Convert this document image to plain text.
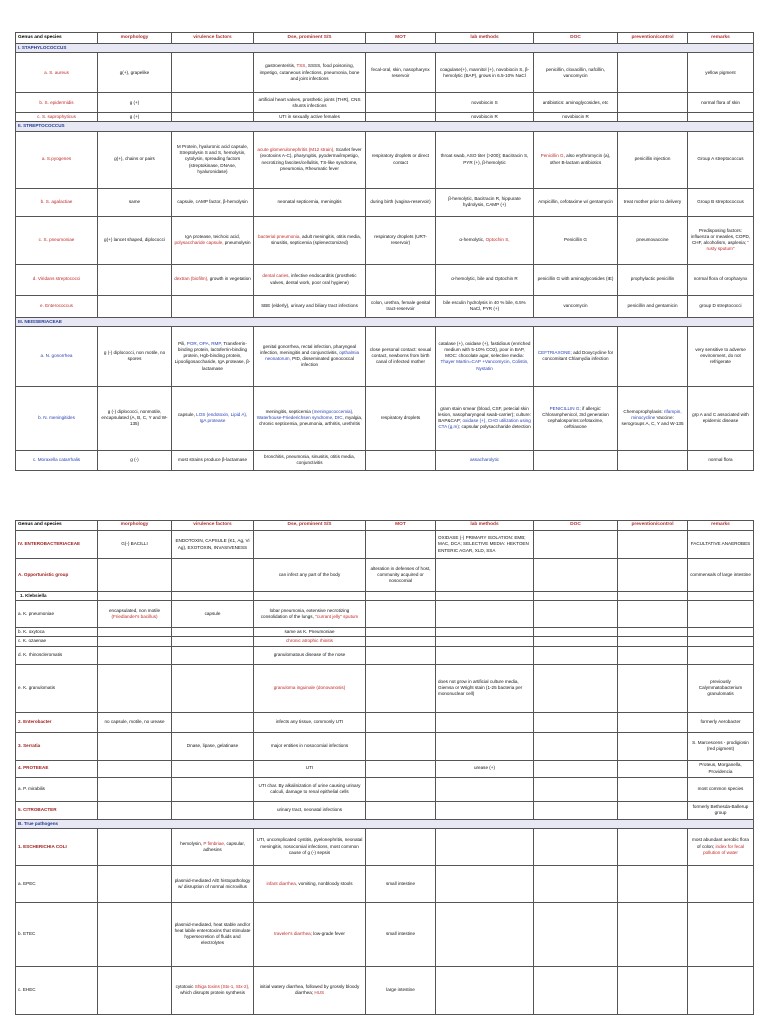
Genus and species	morphology	virulence factors	Dse, prominent S/S	MOT	lab methods	DOC	prevention/control	remarks
I. STAPHYLOCOCCUS								
a. S. aureus	g(+), grapelike		gastroenteritis, TSS, SSSS, food poisoning, impetigo, cutaneous infections, pneumonia, bone and joint infections	fecal-oral, skin, nasopharynx reservoir	coagulase(+), mannitol (+), novobiocin S, β-hemolytic (BAP), grows in 6.5-10% NaCl	penicillin, cloxacillin, nafcillin, vancomycin		yellow pigment
b. S. epidermidis	g (+)		artificial heart valves, prosthetic joints (THR), CNS shunts infections		novobiocin S	antibiotics: aminoglycosides, etc		normal flora of skin
c. S. saprophyticus	g (+)		UTI in sexually active females		novobiocin R	novobiocin R		
II. STREPTOCOCCUS								
a. S.pyogenes	g(+), chains or pairs	M Protein, hyaluronic acid capsule, Streptolysin S and S, hemolysin, cytolysin, spreading factors (streptokinase, DNAse, hyaluronidase)	acute glomerulonephritis (M12 strain), Scarlet fever (exotoxins A-C), pharyngitis, pyoderma/impetigo, necrotizing fascites/cellulitis, TS-like syndrome, pneumonia, Rheumatic fever	respiratory droplets or direct contact	throat swab, ASO titer (>200); Bacitracin S, PYR (+), β-hemolytic	Penicillin G, also erythromycin (a), other B-lactam antibiotics	penicillin injection	Group A streptococcus
b. S. agalactiae	same	capsule, cAMP factor, β-hemolysin	neonatal septicemia, meningitis	during birth (vagina-reservoir)	β-hemolytic, Bacitracin R, hippurate hydrolysis, CAMP (+)	Ampicillin, cefotaxime w/ gentamycin	treat mother prior to delivery	Group B streptococcus
c. S. pneumoniae	g(+) lancet shaped, diplococci	IgA protease, teichoic acid, polysaccharide capsule, pneumolysin	bacterial pneumonia, adult meningitis, otitis media, sinusitis, septicemia (splenectomized)	respiratory droplets (URT-reservoir)	α-hemolytic, Optochin S,	Penicillin G	pneumovaccine	Predisposing factors: influenza or measles, COPD, CHF, alcoholism, asplenia; " rusty sputum"
d. Viridans streptococci		dextran (biofilm), growth in vegetation	dental caries, infective endocarditis (prosthetic valves, dental work, poor oral hygiene)		α-hemolytic, bile and Optochin R	penicillin G with aminoglycosides (IE)	prophylactic penicillin	normal flora of oropharynx
e. Enterococcus			SBE (elderly), urinary and biliary tract infections	colon, urethra, female genital tract-reservoir	bile esculin hydrolysis in 40 % bile, 6.5% NaCl, PYR (+)	vancomycin	penicillin and gentamicin	group D streptococci
III. NEISSERIACEAE								
a. N. gonorrhea	g (-) diplococci, non motile, no spores	Pili, POR, OPA, RMP, Transferrin-binding protein, lactoferrin-binding protein, Hgb-binding protein, Lipooligosaccharide, IgA protease, β-lactamase	genital gonorrhea, rectal infection, pharyngeal infection, meningitis and conjunctivitis, opthalmia neonatorum, PID, disseminated gonococcal infection	close personal contact: sexual contact, newborns from birth canal of infected mother	catalase (+), oxidase (+), fastidious (enriched medium with 5-10% CO2), poor in BAP, MOC: chocolate agar, selective media: Thayer Martin=CAP +Vancomycin, Colistin, Nystatin	CEFTRIAXONE; add Doxycycline for concomitant Chlamydia infection		very sensitive to adverse environment, do not refrigerate
b. N. meningitides	g (-) diplococci, nonmotile, encapsulated (A, B, C, Y and W-135)	capsule, LOS (endotoxin, Lipid A), IgA protease	meningitis, septicemia (meningococcemia), Waterhouse-Friederichsen syndrome, DIC, myalgia, chronic septicemia, pneumonia, arthritis, urethritis	respiratory droplets	gram stain smear (blood, CSF, petecial skin lesion, nasopharyngeal swab-carrier); culture: BAP&CAP; oxidase (+), CHO utilization using CTA (g,m); capsular polysaccharide detection	PENICILLIN G; if allergic: Chloramphenicol, 3rd generation cephalosporins:cefotaxime, ceftriaxone	Chemoprophylaxis: rifampin, minocycline Vaccine: serogroups A, C, Y and W-135	grp A and C associated with epidemic disease
c. Moraxella catarrhalis	g (-)	most strains produce β-lactamase	bronchitis, pneumonia, sinusitis, otitis media, conjunctivitis		assacharolytic			normal flora
Genus and species	morphology	virulence factors	Dse, prominent S/S	MOT	lab methods	DOC	prevention/control	remarks
IV. ENTEROBACTERIACEAE	G(-) BACILLI	ENDOTOXIN, CAPSULE (K1, Ag, Vi Ag), EXOTOXIN, INVASIVENESS			OXIDASE (-) PRIMARY ISOLATION: EMB; MAC, DCA; SELECTIVE MEDIA: HEKTOEN ENTERIC AGAR, XLD, SSA			FACULTATIVE ANAEROBES
A. Opportunistic group			can infect any part of the body	alteration in defenses of host, community acquired or nosocomial				commensals of large intestine
1. Klebsiella								
a. K. pneumoniae	encapsulated, non motile (Friedlander's bacillus)	capsule	lobar pneumonia, extensive necrotizing consolidation of the lungs, "currant jelly" sputum					
b. K. oxytoca			same as K. Pneumoniae					
c. K. ozaenae			chronic atrophic rhinitis					
d. K. rhinoscleromatis			granulomatous disease of the nose					
e. K. granulomatis			granuloma inguinale (donovanosis)		does not grow in artificial culture media, Giemsa or Wright stain (1-25 bacteria per mononuclear cell)			previously Calymmatobacterium granulomatis
2. Enterobacter	no capsule, motile, no urease		infects any tissue, commonly UTI					formerly Aerobacter
3. Serratia		Dnase, lipase, gelatinase	major entities in nosocomial infections					S. Marcescens - prodigiosin (red pigment)
4. PROTEEAE			UTI		urease (+)			Proteus, Morganella, Providencia
a. P. mirabilis			UTI char. By alkalinization of urine causing urinary calculi, damage to renal epithelial cells					most common species
5. CITROBACTER			urinary tract, neonatal infections					formerly Bethesda-Ballerup group
B. True pathogens								
1. ESCHERICHIA COLI		hemolysin, P fimbriae, capsular, adhesins	UTI, uncomplicated cystitis, pyelonephritis, neonatal meningitis, nosocomial infections, most common cause of g (-) sepsis					most abundant aerobic flora of colon; index for fecal pollution of water
a. EPEC		plasmid-mediated A/E histopathology w/ disruption of normal microvillus	infant diarrhea, vomiting, nonbloody stools	small intestine				
b. ETEC		plasmid-mediated, heat stable and/or heat labile enterotoxins that stimulate hypersecretion of fluids and electrolytes	traveler's diarrhea; low-grade fever	small intestine				
c. EHEC		cytotoxic Shiga toxins (Stx-1, Stx-2), which disrupts protein synthesis	initial watery diarrhea, followed by grossly bloody diarrhea; HUS	large intestine				
